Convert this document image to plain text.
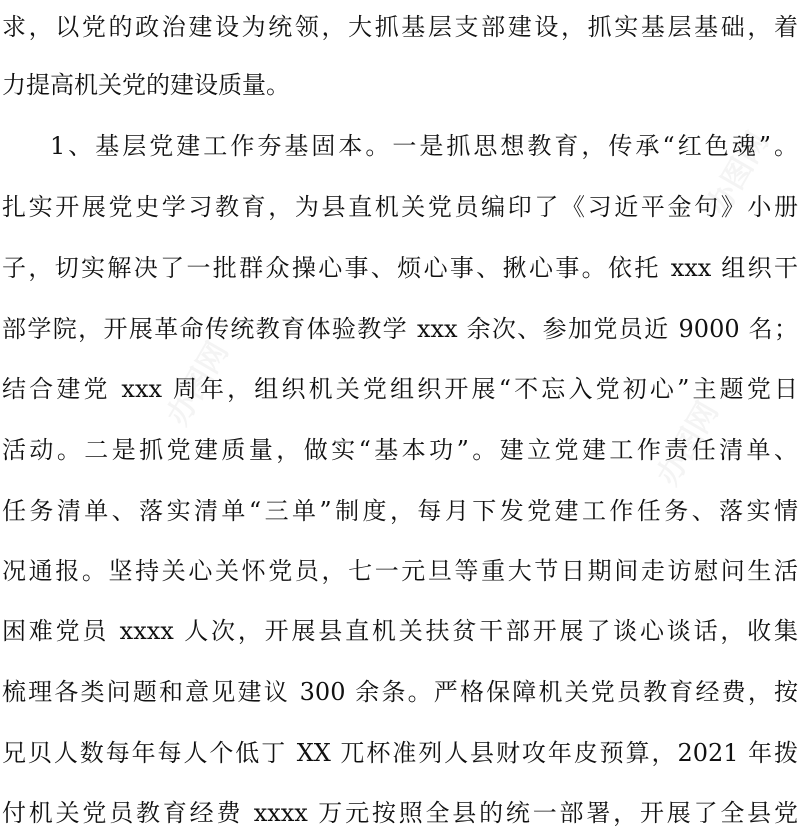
办图网
办图网
办图网
求，以党的政治建设为统领，大抓基层支部建设，抓实基层基础，着
力提高机关党的建设质量。
1、基层党建工作夯基固本。一是抓思想教育，传承“红色魂”。
扎实开展党史学习教育，为县直机关党员编印了《习近平金句》小册
子，切实解决了一批群众操心事、烦心事、揪心事。依托 xxx 组织干
部学院，开展革命传统教育体验教学 xxx 余次、参加党员近 9000 名；
结合建党 xxx 周年，组织机关党组织开展“不忘入党初心”主题党日
活动。二是抓党建质量，做实“基本功”。建立党建工作责任清单、
任务清单、落实清单“三单”制度，每月下发党建工作任务、落实情
况通报。坚持关心关怀党员，七一元旦等重大节日期间走访慰问生活
困难党员 xxxx 人次，开展县直机关扶贫干部开展了谈心谈话，收集
梳理各类问题和意见建议 300 余条。严格保障机关党员教育经费，按
兄贝人数每年每人个低丁 XX 兀杯准列人县财攻年皮预算，2021 年拨
付机关党员教育经费 xxxx 万元按照全县的统一部署，开展了全县党
